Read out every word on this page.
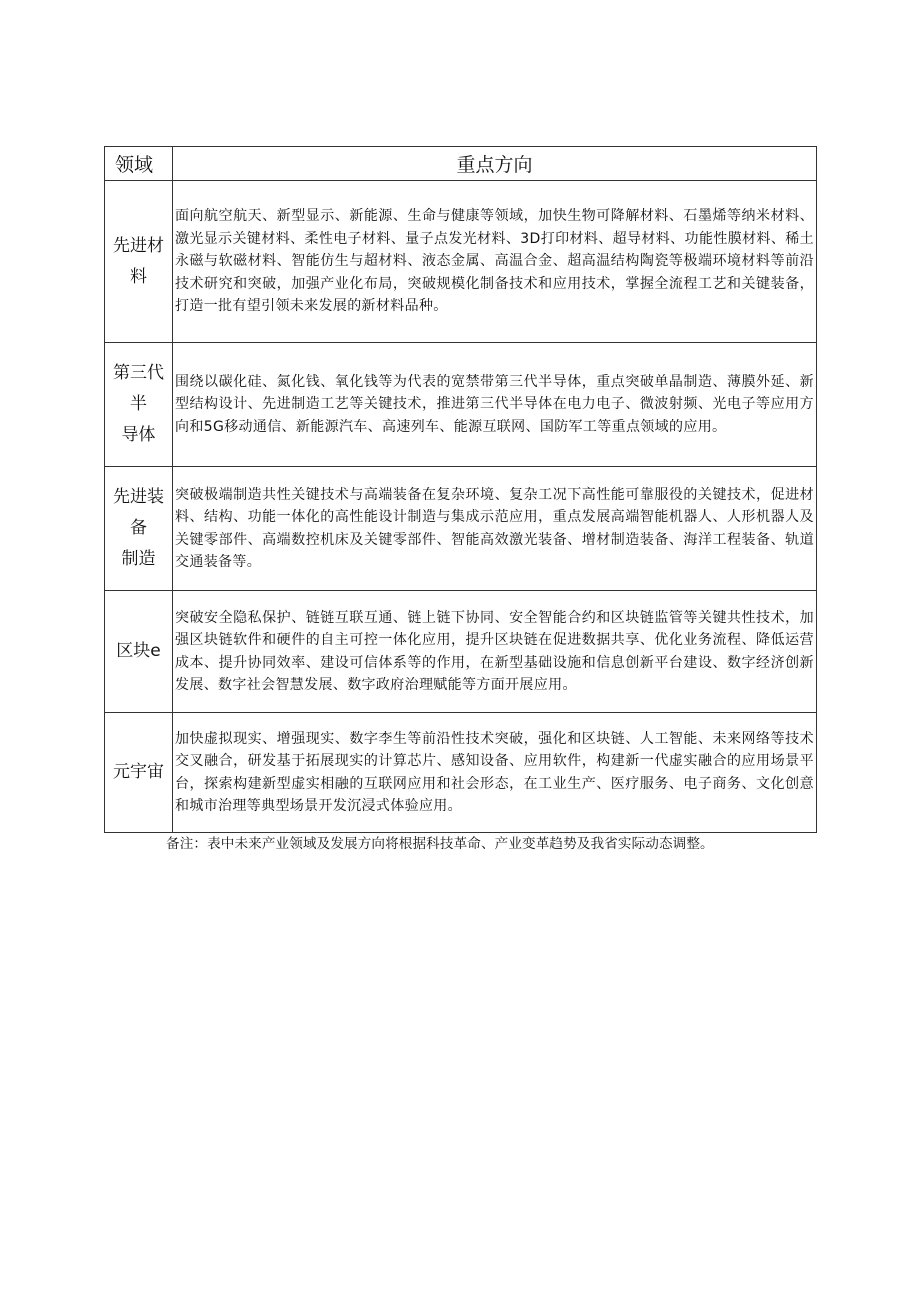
领域	重点方向

先进材
料	面向航空航天、新型显示、新能源、生命与健康等领域，加快生物可降解材料、石墨烯等纳米材料、激光显示关键材料、柔性电子材料、量子点发光材料、3D打印材料、超导材料、功能性膜材料、稀土永磁与软磁材料、智能仿生与超材料、液态金属、高温合金、超高温结构陶瓷等极端环境材料等前沿技术研究和突破，加强产业化布局，突破规模化制备技术和应用技术，掌握全流程工艺和关键装备，打造一批有望引领未来发展的新材料品种。

第三代
半
导体	围绕以碳化硅、氮化钱、氧化钱等为代表的宽禁带第三代半导体，重点突破单晶制造、薄膜外延、新型结构设计、先进制造工艺等关键技术，推进第三代半导体在电力电子、微波射频、光电子等应用方向和5G移动通信、新能源汽车、高速列车、能源互联网、国防军工等重点领域的应用。

先进装
备
制造	突破极端制造共性关键技术与高端装备在复杂环境、复杂工况下高性能可靠服役的关键技术，促进材料、结构、功能一体化的高性能设计制造与集成示范应用，重点发展高端智能机器人、人形机器人及关键零部件、高端数控机床及关键零部件、智能高效激光装备、增材制造装备、海洋工程装备、轨道交通装备等。

区块e	突破安全隐私保护、链链互联互通、链上链下协同、安全智能合约和区块链监管等关键共性技术，加强区块链软件和硬件的自主可控一体化应用，提升区块链在促进数据共享、优化业务流程、降低运营成本、提升协同效率、建设可信体系等的作用，在新型基础设施和信息创新平台建设、数字经济创新发展、数字社会智慧发展、数字政府治理赋能等方面开展应用。

元宇宙	加快虚拟现实、增强现实、数字李生等前沿性技术突破，强化和区块链、人工智能、未来网络等技术交叉融合，研发基于拓展现实的计算芯片、感知设备、应用软件，构建新一代虚实融合的应用场景平台，探索构建新型虚实相融的互联网应用和社会形态，在工业生产、医疗服务、电子商务、文化创意和城市治理等典型场景开发沉浸式体验应用。
备注：表中未来产业领域及发展方向将根据科技革命、产业变革趋势及我省实际动态调整。
